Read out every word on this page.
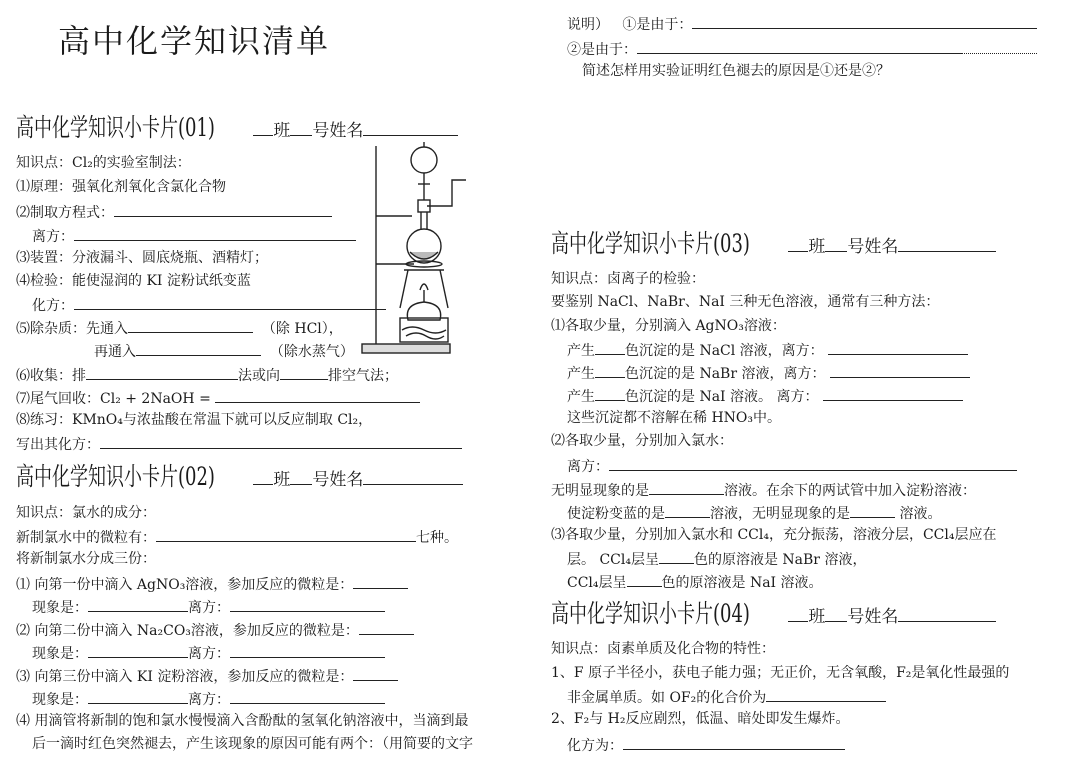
高中化学知识清单	说明） ①是由于：
②是由于：
简述怎样用实验证明红色褪去的原因是①还是②？
高中化学知识小卡片(01)	班 号姓名
知识点：Cl₂的实验室制法：
⑴原理：强氧化剂氧化含氯化合物
⑵制取方程式：
离方：
⑶装置：分液漏斗、圆底烧瓶、酒精灯；
⑷检验：能使湿润的 KI 淀粉试纸变蓝
化方：
⑸除杂质：先通入	（除 HCl），
再通入	（除水蒸气）
⑹收集：排	法或向	排空气法；
⑺尾气回收：Cl₂ + 2NaOH =
⑻练习：KMnO₄与浓盐酸在常温下就可以反应制取 Cl₂，
写出其化方：
高中化学知识小卡片(02)	班 号姓名
知识点：氯水的成分：
新制氯水中的微粒有：	七种。
将新制氯水分成三份：
⑴ 向第一份中滴入 AgNO₃溶液，参加反应的微粒是：
现象是：	离方：
⑵ 向第二份中滴入 Na₂CO₃溶液，参加反应的微粒是：
现象是：	离方：
⑶ 向第三份中滴入 KI 淀粉溶液，参加反应的微粒是：
现象是：	离方：
⑷ 用滴管将新制的饱和氯水慢慢滴入含酚酞的氢氧化钠溶液中，当滴到最
后一滴时红色突然褪去，产生该现象的原因可能有两个：（用简要的文字
高中化学知识小卡片(03)	班 号姓名
知识点：卤离子的检验：
要鉴别 NaCl、NaBr、NaI 三种无色溶液，通常有三种方法：
⑴各取少量，分别滴入 AgNO₃溶液：
产生 色沉淀的是 NaCl 溶液，离方：
产生 色沉淀的是 NaBr 溶液，离方：
产生 色沉淀的是 NaI 溶液。 离方：
这些沉淀都不溶解在稀 HNO₃中。
⑵各取少量，分别加入氯水：
离方：
无明显现象的是	溶液。在余下的两试管中加入淀粉溶液：
使淀粉变蓝的是	溶液，无明显现象的是	溶液。
⑶各取少量，分别加入氯水和 CCl₄，充分振荡，溶液分层，CCl₄层应在
层。 CCl₄层呈	色的原溶液是 NaBr 溶液，
CCl₄层呈	色的原溶液是 NaI 溶液。
高中化学知识小卡片(04)	班 号姓名
知识点：卤素单质及化合物的特性：
1、F 原子半径小，获电子能力强；无正价，无含氧酸，F₂是氧化性最强的
非金属单质。如 OF₂的化合价为
2、F₂与 H₂反应剧烈，低温、暗处即发生爆炸。
化方为：
